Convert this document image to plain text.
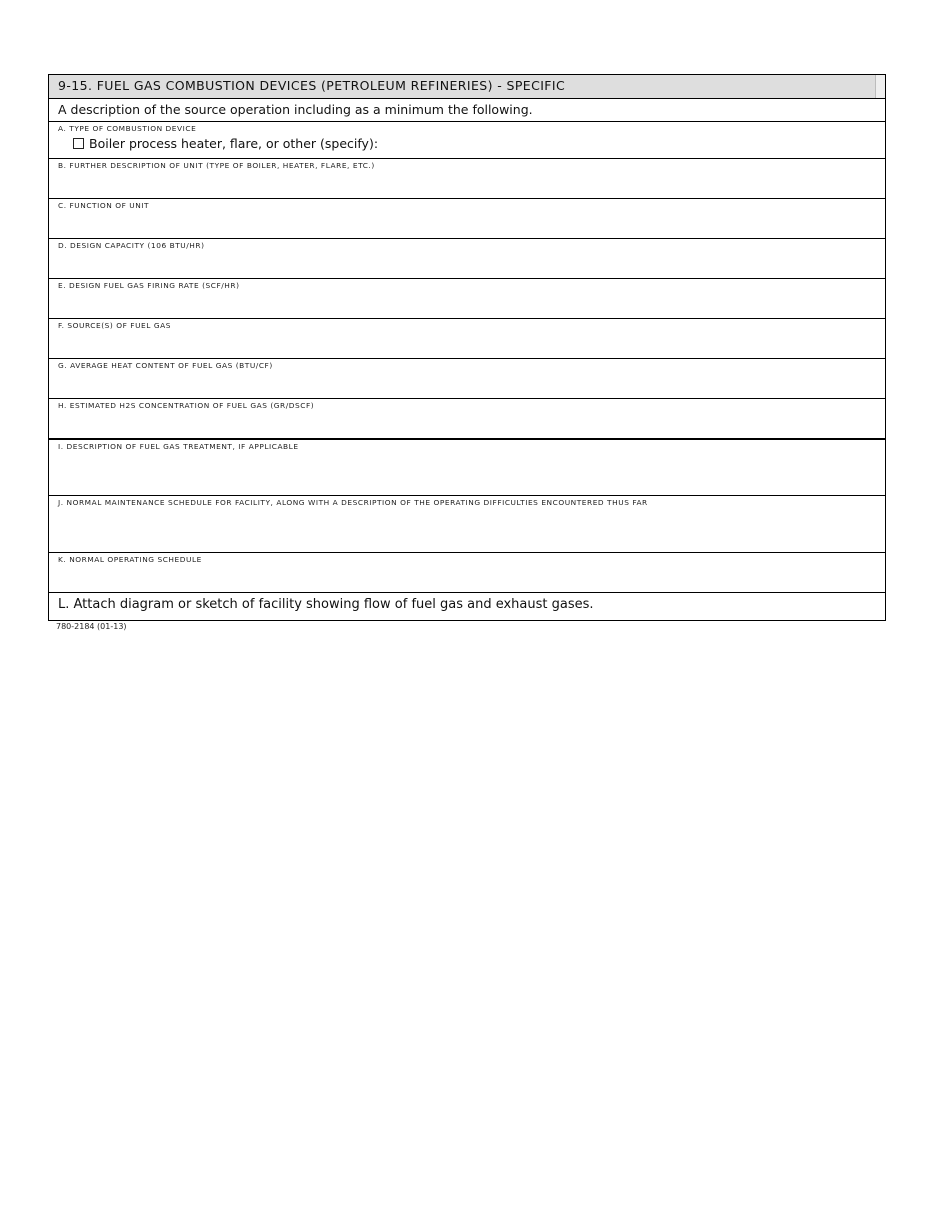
9-15. FUEL GAS COMBUSTION DEVICES (PETROLEUM REFINERIES) - SPECIFIC
A description of the source operation including as a minimum the following.
A. TYPE OF COMBUSTION DEVICE
Boiler process heater, flare, or other (specify):
B. FURTHER DESCRIPTION OF UNIT (TYPE OF BOILER, HEATER, FLARE, ETC.)
C. FUNCTION OF UNIT
D. DESIGN CAPACITY (106 BTU/HR)
E. DESIGN FUEL GAS FIRING RATE (SCF/HR)
F. SOURCE(S) OF FUEL GAS
G. AVERAGE HEAT CONTENT OF FUEL GAS (BTU/CF)
H. ESTIMATED H2S CONCENTRATION OF FUEL GAS (GR/DSCF)
I. DESCRIPTION OF FUEL GAS TREATMENT, IF APPLICABLE
J. NORMAL MAINTENANCE SCHEDULE FOR FACILITY, ALONG WITH A DESCRIPTION OF THE OPERATING DIFFICULTIES ENCOUNTERED THUS FAR
K. NORMAL OPERATING SCHEDULE
L. Attach diagram or sketch of facility showing flow of fuel gas and exhaust gases.
780-2184 (01-13)
